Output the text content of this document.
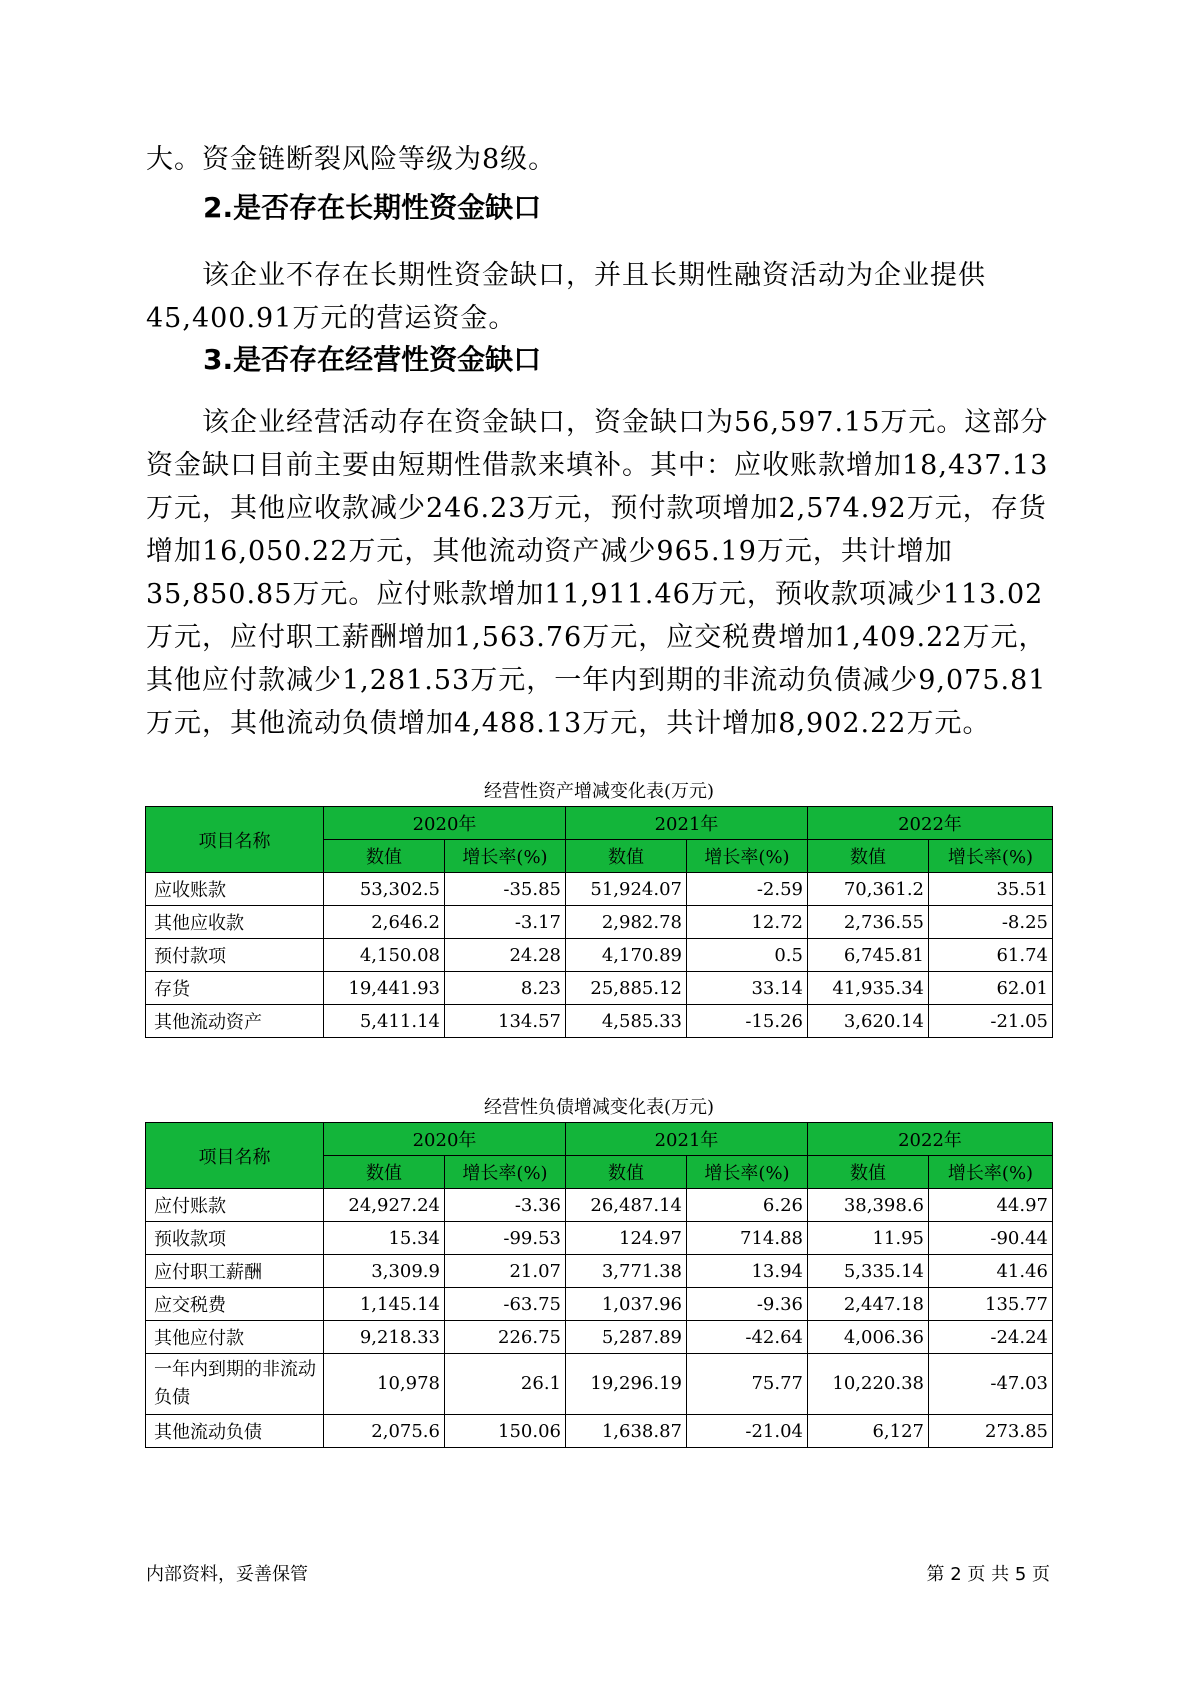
大。资金链断裂风险等级为8级。

2.是否存在长期性资金缺口

该企业不存在长期性资金缺口，并且长期性融资活动为企业提供45,400.91万元的营运资金。

3.是否存在经营性资金缺口

该企业经营活动存在资金缺口，资金缺口为56,597.15万元。这部分资金缺口目前主要由短期性借款来填补。其中：应收账款增加18,437.13万元，其他应收款减少246.23万元，预付款项增加2,574.92万元，存货增加16,050.22万元，其他流动资产减少965.19万元，共计增加35,850.85万元。应付账款增加11,911.46万元，预收款项减少113.02万元，应付职工薪酬增加1,563.76万元，应交税费增加1,409.22万元，其他应付款减少1,281.53万元，一年内到期的非流动负债减少9,075.81万元，其他流动负债增加4,488.13万元，共计增加8,902.22万元。

经营性资产增减变化表(万元)
项目名称	2020年		2021年		2022年	
	数值	增长率(%)	数值	增长率(%)	数值	增长率(%)
应收账款	53,302.5	-35.85	51,924.07	-2.59	70,361.2	35.51
其他应收款	2,646.2	-3.17	2,982.78	12.72	2,736.55	-8.25
预付款项	4,150.08	24.28	4,170.89	0.5	6,745.81	61.74
存货	19,441.93	8.23	25,885.12	33.14	41,935.34	62.01
其他流动资产	5,411.14	134.57	4,585.33	-15.26	3,620.14	-21.05
经营性负债增减变化表(万元)
项目名称	2020年		2021年		2022年	
	数值	增长率(%)	数值	增长率(%)	数值	增长率(%)
应付账款	24,927.24	-3.36	26,487.14	6.26	38,398.6	44.97
预收款项	15.34	-99.53	124.97	714.88	11.95	-90.44
应付职工薪酬	3,309.9	21.07	3,771.38	13.94	5,335.14	41.46
应交税费	1,145.14	-63.75	1,037.96	-9.36	2,447.18	135.77
其他应付款	9,218.33	226.75	5,287.89	-42.64	4,006.36	-24.24
一年内到期的非流动负债	10,978	26.1	19,296.19	75.77	10,220.38	-47.03
其他流动负债	2,075.6	150.06	1,638.87	-21.04	6,127	273.85
内部资料，妥善保管	第 2 页 共 5 页
